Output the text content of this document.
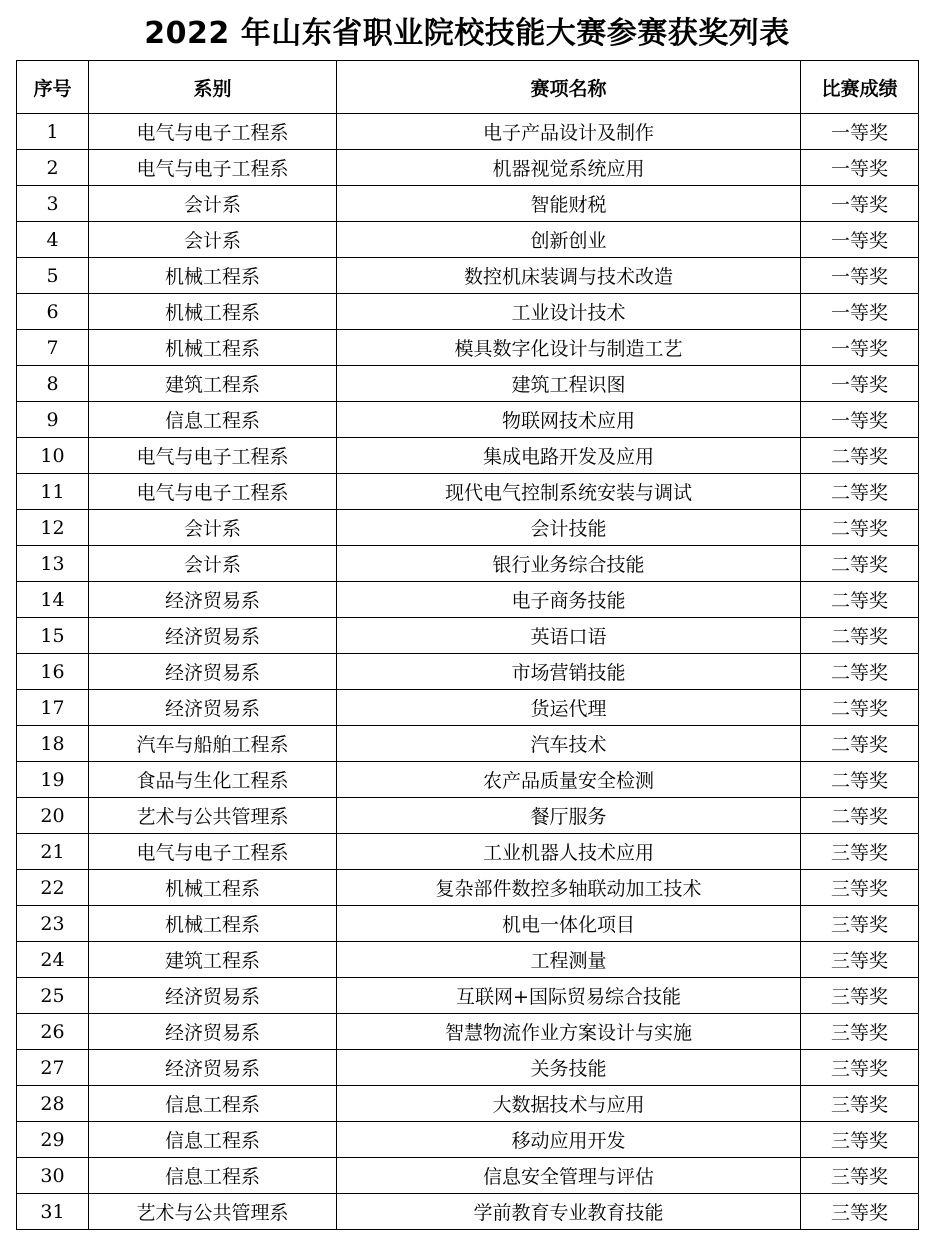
2022 年山东省职业院校技能大赛参赛获奖列表
序号	系别	赛项名称	比赛成绩
1	电气与电子工程系	电子产品设计及制作	一等奖
2	电气与电子工程系	机器视觉系统应用	一等奖
3	会计系	智能财税	一等奖
4	会计系	创新创业	一等奖
5	机械工程系	数控机床装调与技术改造	一等奖
6	机械工程系	工业设计技术	一等奖
7	机械工程系	模具数字化设计与制造工艺	一等奖
8	建筑工程系	建筑工程识图	一等奖
9	信息工程系	物联网技术应用	一等奖
10	电气与电子工程系	集成电路开发及应用	二等奖
11	电气与电子工程系	现代电气控制系统安装与调试	二等奖
12	会计系	会计技能	二等奖
13	会计系	银行业务综合技能	二等奖
14	经济贸易系	电子商务技能	二等奖
15	经济贸易系	英语口语	二等奖
16	经济贸易系	市场营销技能	二等奖
17	经济贸易系	货运代理	二等奖
18	汽车与船舶工程系	汽车技术	二等奖
19	食品与生化工程系	农产品质量安全检测	二等奖
20	艺术与公共管理系	餐厅服务	二等奖
21	电气与电子工程系	工业机器人技术应用	三等奖
22	机械工程系	复杂部件数控多轴联动加工技术	三等奖
23	机械工程系	机电一体化项目	三等奖
24	建筑工程系	工程测量	三等奖
25	经济贸易系	互联网+国际贸易综合技能	三等奖
26	经济贸易系	智慧物流作业方案设计与实施	三等奖
27	经济贸易系	关务技能	三等奖
28	信息工程系	大数据技术与应用	三等奖
29	信息工程系	移动应用开发	三等奖
30	信息工程系	信息安全管理与评估	三等奖
31	艺术与公共管理系	学前教育专业教育技能	三等奖
